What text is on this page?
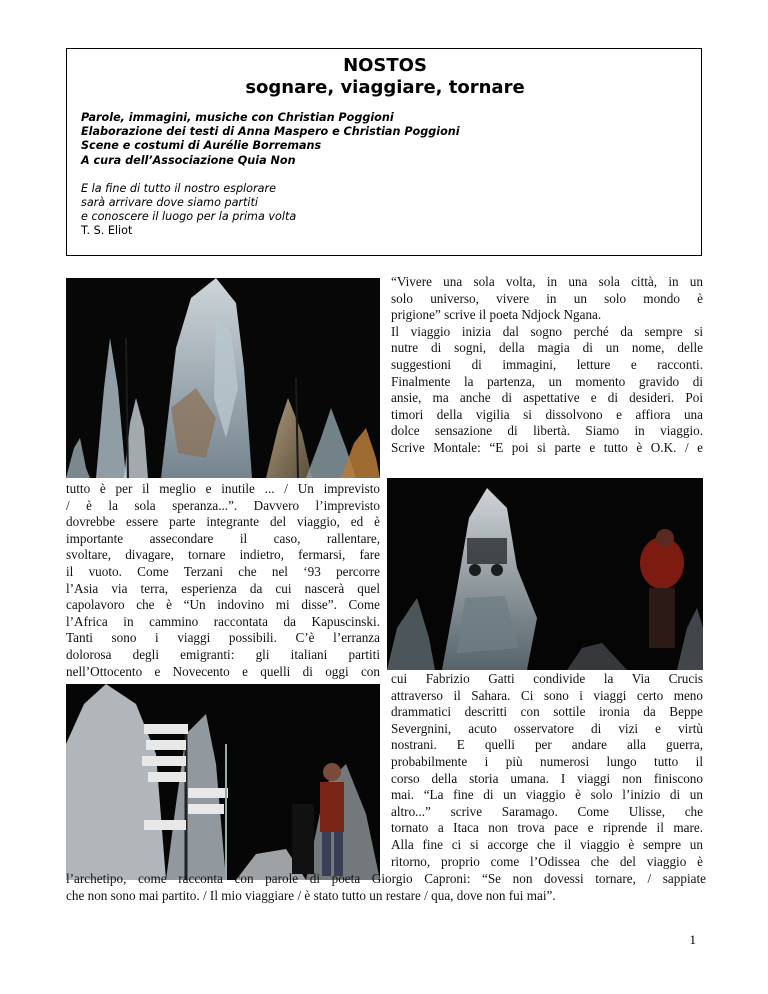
NOSTOS
sognare, viaggiare, tornare
Parole, immagini, musiche con Christian Poggioni
Elaborazione dei testi di Anna Maspero e Christian Poggioni
Scene e costumi di Aurélie Borremans
A cura dell’Associazione Quia Non
E la fine di tutto il nostro esplorare
sarà arrivare dove siamo partiti
e conoscere il luogo per la prima volta
T. S. Eliot
“Vivere una sola volta, in una sola città, in un
solo universo, vivere in un solo mondo è
prigione” scrive il poeta Ndjock Ngana.
Il viaggio inizia dal sogno perché da sempre si
nutre di sogni, della magia di un nome, delle
suggestioni di immagini, letture e racconti.
Finalmente la partenza, un momento gravido di
ansie, ma anche di aspettative e di desideri. Poi
timori della vigilia si dissolvono e affiora una
dolce sensazione di libertà. Siamo in viaggio.
Scrive Montale: “E poi si parte e tutto è O.K. / e
tutto è per il meglio e inutile ... / Un imprevisto
/ è la sola speranza...”. Davvero l’imprevisto
dovrebbe essere parte integrante del viaggio, ed è
importante assecondare il caso, rallentare,
svoltare, divagare, tornare indietro, fermarsi, fare
il vuoto. Come Terzani che nel ‘93 percorre
l’Asia via terra, esperienza da cui nascerà quel
capolavoro che è “Un indovino mi disse”. Come
l’Africa in cammino raccontata da Kapuscinski.
Tanti sono i viaggi possibili. C’è l’erranza
dolorosa degli emigranti: gli italiani partiti
nell’Ottocento e Novecento e quelli di oggi con cui Fabrizio Gatti condivide la Via Crucis
attraverso il Sahara. Ci sono i viaggi certo meno
drammatici descritti con sottile ironia da Beppe
Severgnini, acuto osservatore di vizi e virtù
nostrani. E quelli per andare alla guerra,
probabilmente i più numerosi lungo tutto il
corso della storia umana. I viaggi non finiscono
mai. “La fine di un viaggio è solo l’inizio di un
altro...” scrive Saramago. Come Ulisse, che
tornato a Itaca non trova pace e riprende il mare.
Alla fine ci si accorge che il viaggio è sempre un
ritorno, proprio come l’Odissea che del viaggio è
l’archetipo, come racconta con parole di poeta Giorgio Caproni: “Se non dovessi tornare, / sappiate
che non sono mai partito. / Il mio viaggiare / è stato tutto un restare / qua, dove non fui mai”.
1
